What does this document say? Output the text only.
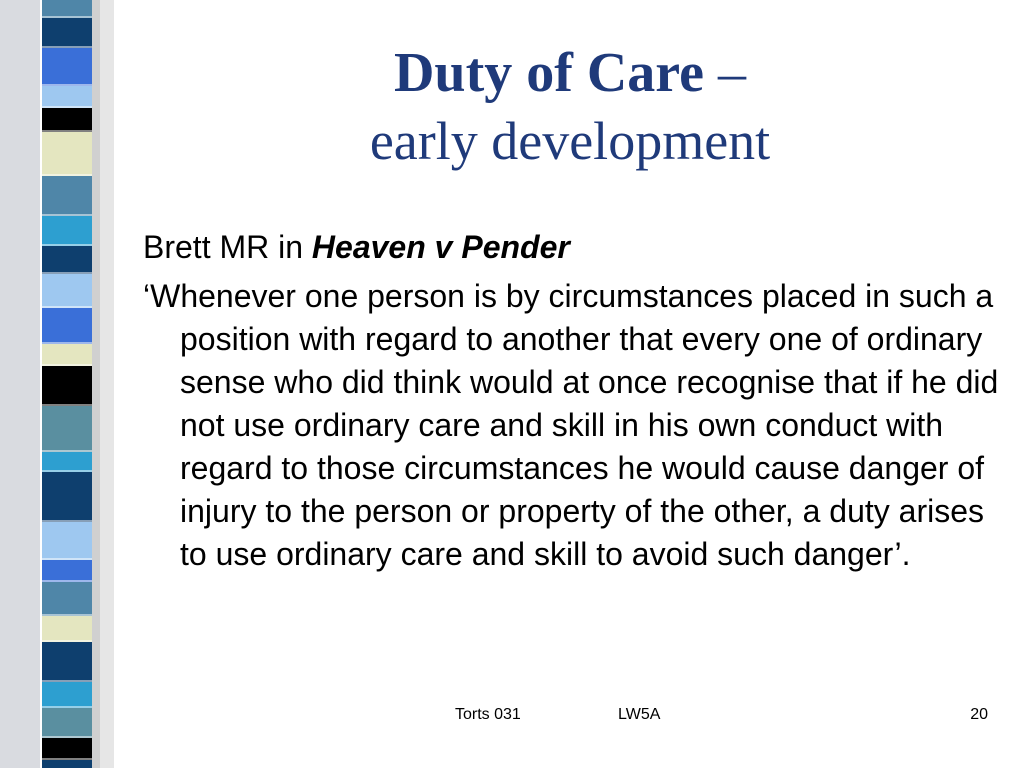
Duty of Care –
early development

Brett MR in Heaven v Pender

‘Whenever one person is by circumstances placed in such a position with regard to another that every one of ordinary sense who did think would at once recognise that if he did not use ordinary care and skill in his own conduct with regard to those circumstances he would cause danger of injury to the person or property of the other, a duty arises to use ordinary care and skill to avoid such danger’.

Torts 031	LW5A	20
